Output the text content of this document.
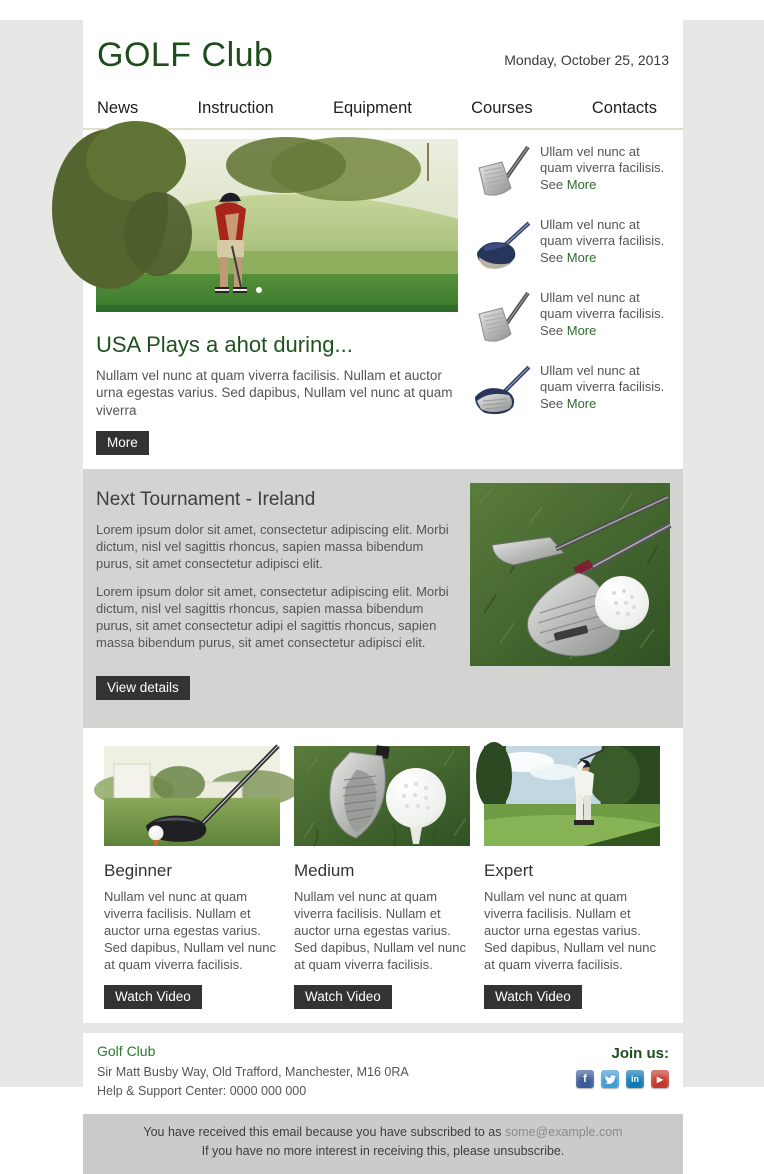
GOLF Club	Monday, October 25, 2013
News	Instruction	Equipment	Courses	Contacts
USA Plays a ahot during...

Nullam vel nunc at quam viverra facilisis. Nullam et auctor urna egestas varius. Sed dapibus, Nullam vel nunc at quam viverra

More
Ullam vel nunc at quam viverra facilisis. See More
Ullam vel nunc at quam viverra facilisis. See More
Ullam vel nunc at quam viverra facilisis. See More
Ullam vel nunc at quam viverra facilisis. See More
Next Tournament - Ireland

Lorem ipsum dolor sit amet, consectetur adipiscing elit. Morbi dictum, nisl vel sagittis rhoncus, sapien massa bibendum purus, sit amet consectetur adipisci elit.

Lorem ipsum dolor sit amet, consectetur adipiscing elit. Morbi dictum, nisl vel sagittis rhoncus, sapien massa bibendum purus, sit amet consectetur adipi el sagittis rhoncus, sapien massa bibendum purus, sit amet consectetur adipisci elit.

View details
Beginner

Nullam vel nunc at quam viverra facilisis. Nullam et auctor urna egestas varius. Sed dapibus, Nullam vel nunc at quam viverra facilisis.

Watch Video
Medium

Nullam vel nunc at quam viverra facilisis. Nullam et auctor urna egestas varius. Sed dapibus, Nullam vel nunc at quam viverra facilisis.

Watch Video
Expert

Nullam vel nunc at quam viverra facilisis. Nullam et auctor urna egestas varius. Sed dapibus, Nullam vel nunc at quam viverra facilisis.

Watch Video
Golf Club
Sir Matt Busby Way, Old Trafford, Manchester, M16 0RA
Help & Support Center: 0000 000 000
Join us:
f	in	▶
You have received this email because you have subscribed to as some@example.com
If you have no more interest in receiving this, please unsubscribe.
